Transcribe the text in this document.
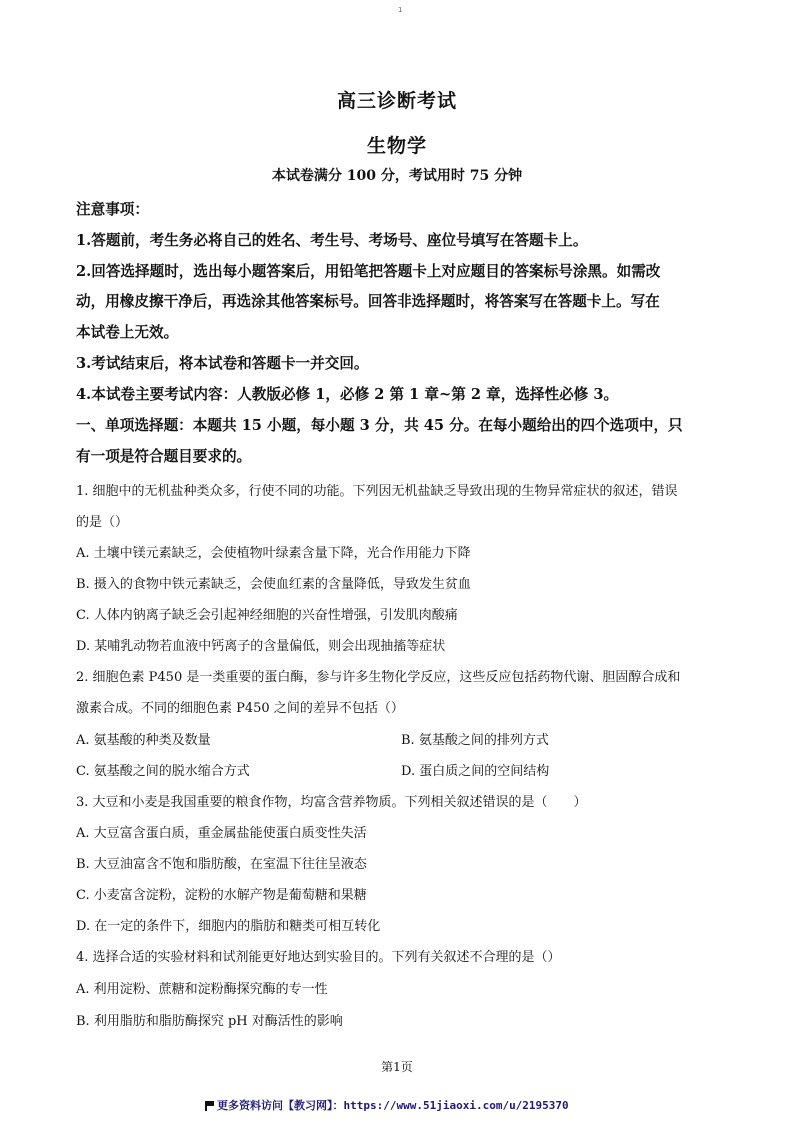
1
高三诊断考试
生物学
本试卷满分 100 分，考试用时 75 分钟
注意事项：
1.答题前，考生务必将自己的姓名、考生号、考场号、座位号填写在答题卡上。
2.回答选择题时，选出每小题答案后，用铅笔把答题卡上对应题目的答案标号涂黑。如需改
动，用橡皮擦干净后，再选涂其他答案标号。回答非选择题时，将答案写在答题卡上。写在
本试卷上无效。
3.考试结束后，将本试卷和答题卡一并交回。
4.本试卷主要考试内容：人教版必修 1，必修 2 第 1 章~第 2 章，选择性必修 3。
一、单项选择题：本题共 15 小题，每小题 3 分，共 45 分。在每小题给出的四个选项中，只
有一项是符合题目要求的。
1. 细胞中的无机盐种类众多，行使不同的功能。下列因无机盐缺乏导致出现的生物异常症状的叙述，错误
的是（）
A. 土壤中镁元素缺乏，会使植物叶绿素含量下降，光合作用能力下降
B. 摄入的食物中铁元素缺乏，会使血红素的含量降低，导致发生贫血
C. 人体内钠离子缺乏会引起神经细胞的兴奋性增强，引发肌肉酸痛
D. 某哺乳动物若血液中钙离子的含量偏低，则会出现抽搐等症状
2. 细胞色素 P450 是一类重要的蛋白酶，参与许多生物化学反应，这些反应包括药物代谢、胆固醇合成和
激素合成。不同的细胞色素 P450 之间的差异不包括（）
A. 氨基酸的种类及数量	B. 氨基酸之间的排列方式
C. 氨基酸之间的脱水缩合方式	D. 蛋白质之间的空间结构
3. 大豆和小麦是我国重要的粮食作物，均富含营养物质。下列相关叙述错误的是（　　）
A. 大豆富含蛋白质，重金属盐能使蛋白质变性失活
B. 大豆油富含不饱和脂肪酸，在室温下往往呈液态
C. 小麦富含淀粉，淀粉的水解产物是葡萄糖和果糖
D. 在一定的条件下，细胞内的脂肪和糖类可相互转化
4. 选择合适的实验材料和试剂能更好地达到实验目的。下列有关叙述不合理的是（）
A. 利用淀粉、蔗糖和淀粉酶探究酶的专一性
B. 利用脂肪和脂肪酶探究 pH 对酶活性的影响
第1页
更多资料访问【教习网】：https://www.51jiaoxi.com/u/2195370
